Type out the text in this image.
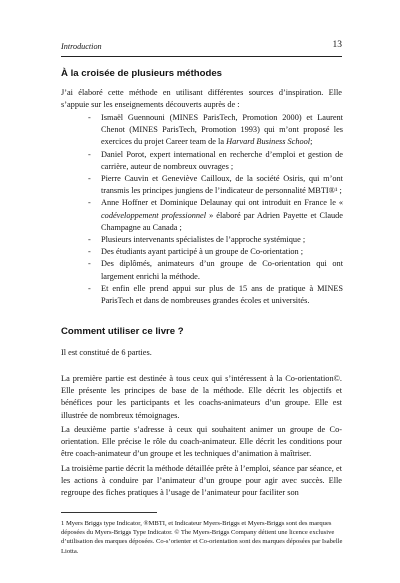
Introduction	13
À la croisée de plusieurs méthodes

J’ai élaboré cette méthode en utilisant différentes sources d’inspiration. Elle s’appuie sur les enseignements découverts auprès de :

- Ismaël Guennouni (MINES ParisTech, Promotion 2000) et Laurent Chenot (MINES ParisTech, Promotion 1993) qui m’ont proposé les exercices du projet Career team de la Harvard Business School;
- Daniel Porot, expert international en recherche d’emploi et gestion de carrière, auteur de nombreux ouvrages ;
- Pierre Cauvin et Geneviève Cailloux, de la société Osiris, qui m’ont transmis les principes jungiens de l’indicateur de personnalité MBTI®¹ ;
- Anne Hoffner et Dominique Delaunay qui ont introduit en France le « codéveloppement professionnel » élaboré par Adrien Payette et Claude Champagne au Canada ;
- Plusieurs intervenants spécialistes de l’approche systémique ;
- Des étudiants ayant participé à un groupe de Co-orientation ;
- Des diplômés, animateurs d’un groupe de Co-orientation qui ont largement enrichi la méthode.
- Et enfin elle prend appui sur plus de 15 ans de pratique à MINES ParisTech et dans de nombreuses grandes écoles et universités.
Comment utiliser ce livre ?

Il est constitué de 6 parties.

La première partie est destinée à tous ceux qui s’intéressent à la Co-orientation©. Elle présente les principes de base de la méthode. Elle décrit les objectifs et bénéfices pour les participants et les coachs-animateurs d’un groupe. Elle est illustrée de nombreux témoignages.

La deuxième partie s’adresse à ceux qui souhaitent animer un groupe de Co-orientation. Elle précise le rôle du coach-animateur. Elle décrit les conditions pour être coach-animateur d’un groupe et les techniques d’animation à maîtriser.

La troisième partie décrit la méthode détaillée prête à l’emploi, séance par séance, et les actions à conduire par l’animateur d’un groupe pour agir avec succès. Elle regroupe des fiches pratiques à l’usage de l’animateur pour faciliter son

1 Myers Briggs type Indicator, ®MBTI, et Indicateur Myers-Briggs et Myers-Briggs sont des marques déposées du Myers-Briggs Type Indicator. © The Myers-Briggs Company détient une licence exclusive d’utilisation des marques déposées. Co-s’orienter et Co-orientation sont des marques déposées par Isabelle Liotta.
